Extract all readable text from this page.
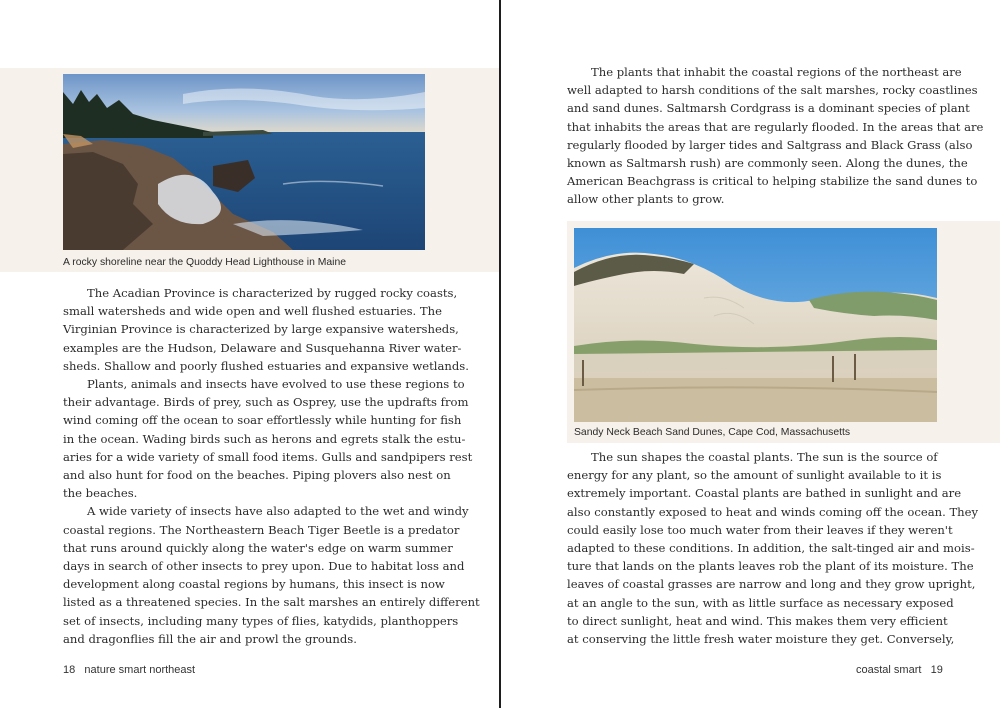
A rocky shoreline near the Quoddy Head Lighthouse in Maine
The Acadian Province is characterized by rugged rocky coasts,
small watersheds and wide open and well flushed estuaries. The
Virginian Province is characterized by large expansive watersheds,
examples are the Hudson, Delaware and Susquehanna River water-
sheds. Shallow and poorly flushed estuaries and expansive wetlands.
Plants, animals and insects have evolved to use these regions to
their advantage. Birds of prey, such as Osprey, use the updrafts from
wind coming off the ocean to soar effortlessly while hunting for fish
in the ocean. Wading birds such as herons and egrets stalk the estu-
aries for a wide variety of small food items. Gulls and sandpipers rest
and also hunt for food on the beaches. Piping plovers also nest on
the beaches.
A wide variety of insects have also adapted to the wet and windy
coastal regions. The Northeastern Beach Tiger Beetle is a predator
that runs around quickly along the water's edge on warm summer
days in search of other insects to prey upon. Due to habitat loss and
development along coastal regions by humans, this insect is now
listed as a threatened species. In the salt marshes an entirely different
set of insects, including many types of flies, katydids, planthoppers
and dragonflies fill the air and prowl the grounds.
18 nature smart northeast
The plants that inhabit the coastal regions of the northeast are
well adapted to harsh conditions of the salt marshes, rocky coastlines
and sand dunes. Saltmarsh Cordgrass is a dominant species of plant
that inhabits the areas that are regularly flooded. In the areas that are
regularly flooded by larger tides and Saltgrass and Black Grass (also
known as Saltmarsh rush) are commonly seen. Along the dunes, the
American Beachgrass is critical to helping stabilize the sand dunes to
allow other plants to grow.
Sandy Neck Beach Sand Dunes, Cape Cod, Massachusetts
The sun shapes the coastal plants. The sun is the source of
energy for any plant, so the amount of sunlight available to it is
extremely important. Coastal plants are bathed in sunlight and are
also constantly exposed to heat and winds coming off the ocean. They
could easily lose too much water from their leaves if they weren't
adapted to these conditions. In addition, the salt-tinged air and mois-
ture that lands on the plants leaves rob the plant of its moisture. The
leaves of coastal grasses are narrow and long and they grow upright,
at an angle to the sun, with as little surface as necessary exposed
to direct sunlight, heat and wind. This makes them very efficient
at conserving the little fresh water moisture they get. Conversely,
coastal smart 19
